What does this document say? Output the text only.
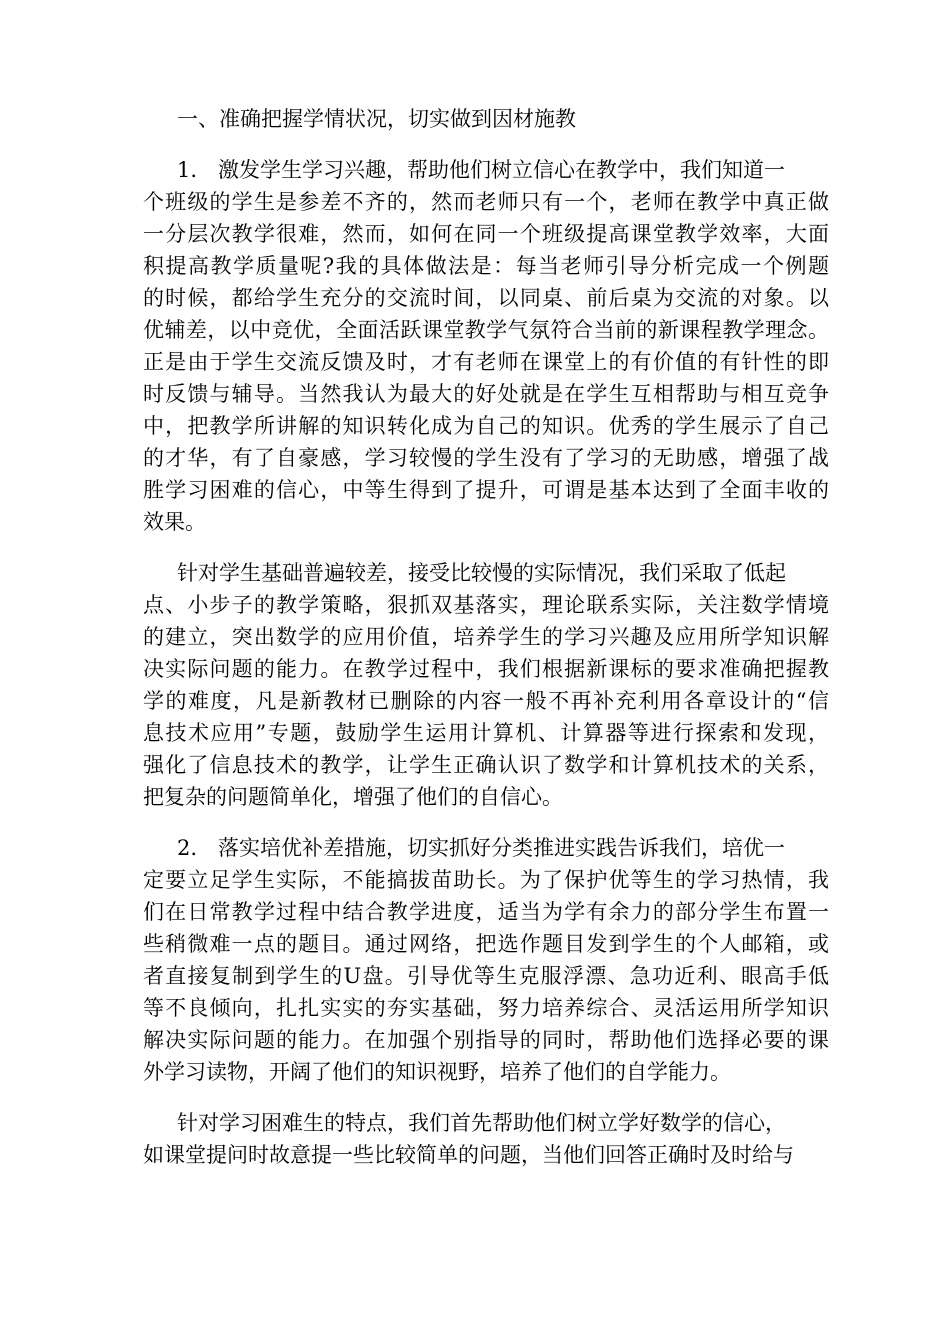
一、准确把握学情状况，切实做到因材施教
1.　激发学生学习兴趣，帮助他们树立信心在教学中，我们知道一
个班级的学生是参差不齐的，然而老师只有一个，老师在教学中真正做
一分层次教学很难，然而，如何在同一个班级提高课堂教学效率，大面
积提高教学质量呢?我的具体做法是：每当老师引导分析完成一个例题
的时候，都给学生充分的交流时间，以同桌、前后桌为交流的对象。以
优辅差，以中竞优，全面活跃课堂教学气氛符合当前的新课程教学理念。
正是由于学生交流反馈及时，才有老师在课堂上的有价值的有针性的即
时反馈与辅导。当然我认为最大的好处就是在学生互相帮助与相互竞争
中，把教学所讲解的知识转化成为自己的知识。优秀的学生展示了自己
的才华，有了自豪感，学习较慢的学生没有了学习的无助感，增强了战
胜学习困难的信心，中等生得到了提升，可谓是基本达到了全面丰收的
效果。
针对学生基础普遍较差，接受比较慢的实际情况，我们采取了低起
点、小步子的教学策略，狠抓双基落实，理论联系实际，关注数学情境
的建立，突出数学的应用价值，培养学生的学习兴趣及应用所学知识解
决实际问题的能力。在教学过程中，我们根据新课标的要求准确把握教
学的难度，凡是新教材已删除的内容一般不再补充利用各章设计的“信
息技术应用”专题，鼓励学生运用计算机、计算器等进行探索和发现，
强化了信息技术的教学，让学生正确认识了数学和计算机技术的关系，
把复杂的问题简单化，增强了他们的自信心。
2.　落实培优补差措施，切实抓好分类推进实践告诉我们，培优一
定要立足学生实际，不能搞拔苗助长。为了保护优等生的学习热情，我
们在日常教学过程中结合教学进度，适当为学有余力的部分学生布置一
些稍微难一点的题目。通过网络，把选作题目发到学生的个人邮箱，或
者直接复制到学生的U盘。引导优等生克服浮漂、急功近利、眼高手低
等不良倾向，扎扎实实的夯实基础，努力培养综合、灵活运用所学知识
解决实际问题的能力。在加强个别指导的同时，帮助他们选择必要的课
外学习读物，开阔了他们的知识视野，培养了他们的自学能力。
针对学习困难生的特点，我们首先帮助他们树立学好数学的信心，
如课堂提问时故意提一些比较简单的问题，当他们回答正确时及时给与
